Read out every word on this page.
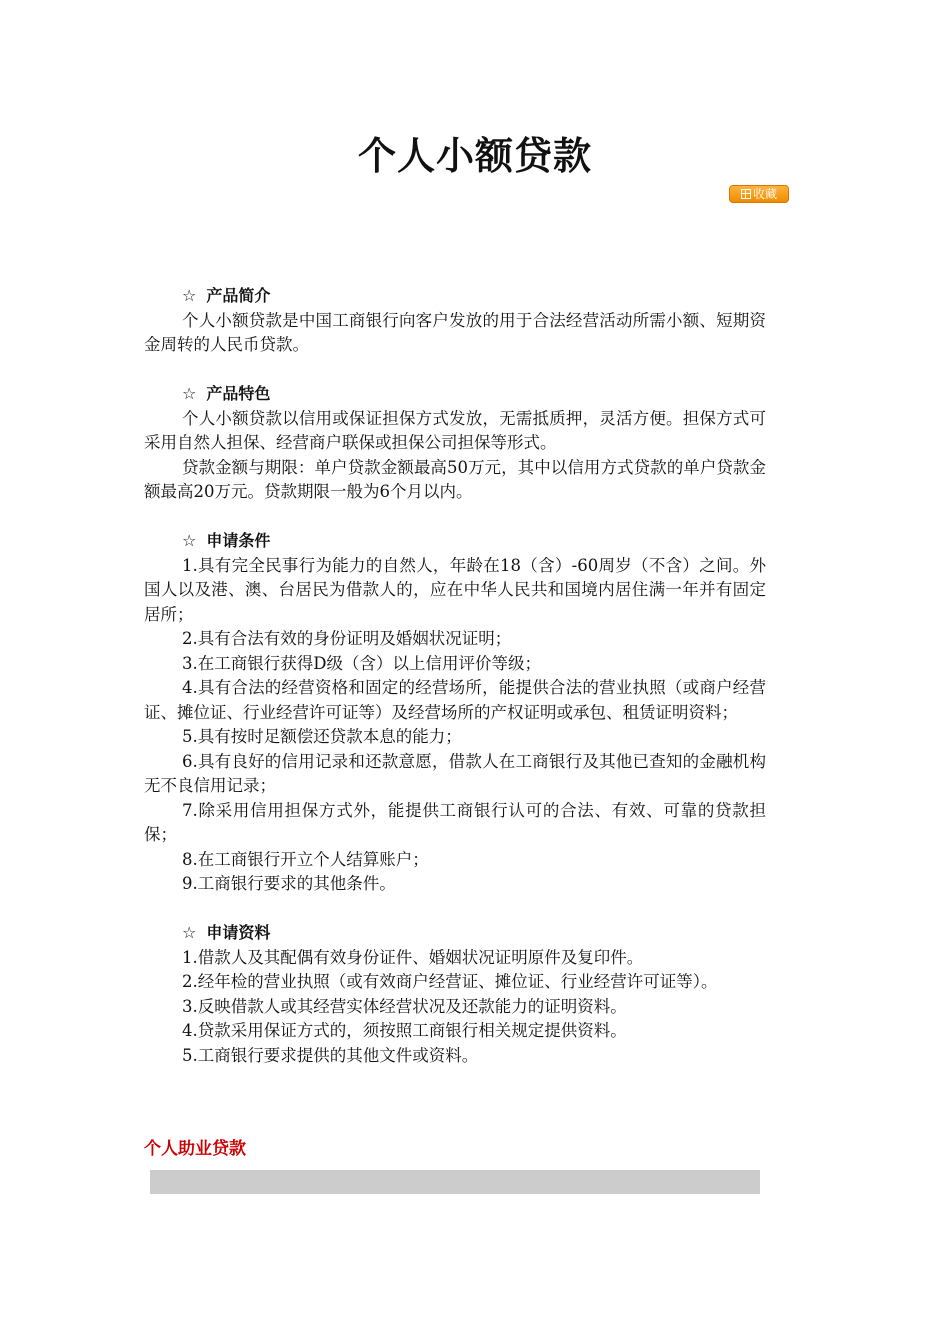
个人小额贷款
收藏
☆ 产品简介

个人小额贷款是中国工商银行向客户发放的用于合法经营活动所需小额、短期资金周转的人民币贷款。

☆ 产品特色

个人小额贷款以信用或保证担保方式发放，无需抵质押，灵活方便。担保方式可采用自然人担保、经营商户联保或担保公司担保等形式。

贷款金额与期限：单户贷款金额最高50万元，其中以信用方式贷款的单户贷款金额最高20万元。贷款期限一般为6个月以内。

☆ 申请条件

1.具有完全民事行为能力的自然人，年龄在18（含）-60周岁（不含）之间。外国人以及港、澳、台居民为借款人的，应在中华人民共和国境内居住满一年并有固定居所；

2.具有合法有效的身份证明及婚姻状况证明；

3.在工商银行获得D级（含）以上信用评价等级；

4.具有合法的经营资格和固定的经营场所，能提供合法的营业执照（或商户经营证、摊位证、行业经营许可证等）及经营场所的产权证明或承包、租赁证明资料；

5.具有按时足额偿还贷款本息的能力；

6.具有良好的信用记录和还款意愿，借款人在工商银行及其他已查知的金融机构无不良信用记录；

7.除采用信用担保方式外，能提供工商银行认可的合法、有效、可靠的贷款担保；

8.在工商银行开立个人结算账户；

9.工商银行要求的其他条件。

☆ 申请资料

1.借款人及其配偶有效身份证件、婚姻状况证明原件及复印件。

2.经年检的营业执照（或有效商户经营证、摊位证、行业经营许可证等）。

3.反映借款人或其经营实体经营状况及还款能力的证明资料。

4.贷款采用保证方式的，须按照工商银行相关规定提供资料。

5.工商银行要求提供的其他文件或资料。

个人助业贷款
